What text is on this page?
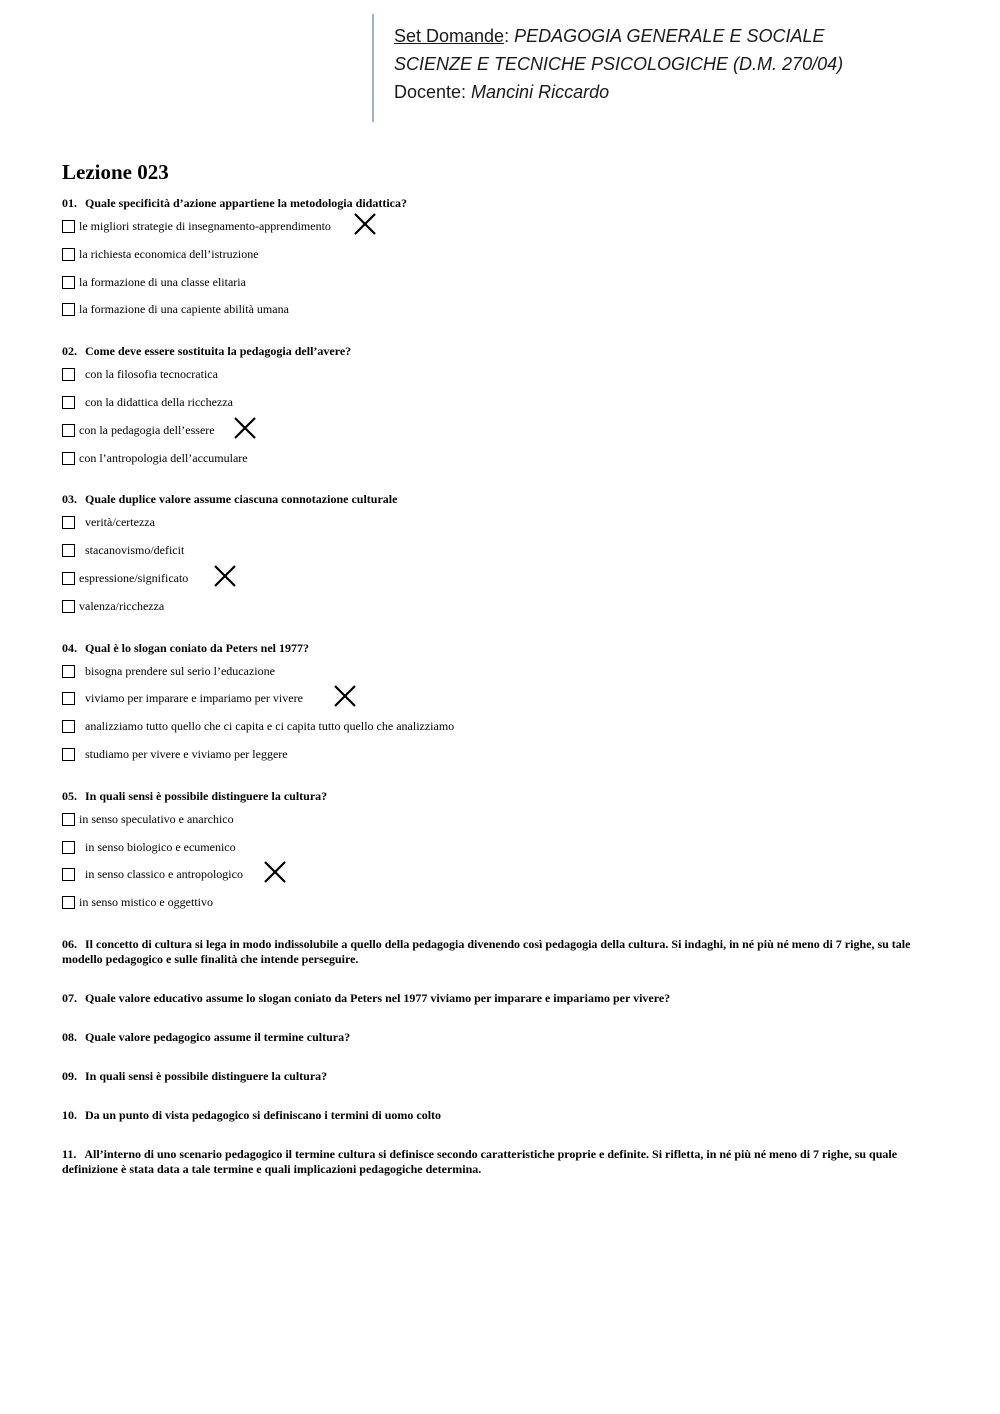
Set Domande: PEDAGOGIA GENERALE E SOCIALE
SCIENZE E TECNICHE PSICOLOGICHE (D.M. 270/04)
Docente: Mancini Riccardo
Lezione 023
01. Quale specificità d’azione appartiene la metodologia didattica?
le migliori strategie di insegnamento-apprendimento
la richiesta economica dell’istruzione
la formazione di una classe elitaria
la formazione di una capiente abilità umana
02. Come deve essere sostituita la pedagogia dell’avere?
con la filosofia tecnocratica
con la didattica della ricchezza
con la pedagogia dell’essere
con l’antropologia dell’accumulare
03. Quale duplice valore assume ciascuna connotazione culturale
verità/certezza
stacanovismo/deficit
espressione/significato
valenza/ricchezza
04. Qual è lo slogan coniato da Peters nel 1977?
bisogna prendere sul serio l’educazione
viviamo per imparare e impariamo per vivere
analizziamo tutto quello che ci capita e ci capita tutto quello che analizziamo
studiamo per vivere e viviamo per leggere
05. In quali sensi è possibile distinguere la cultura?
in senso speculativo e anarchico
in senso biologico e ecumenico
in senso classico e antropologico
in senso mistico e oggettivo
06. Il concetto di cultura si lega in modo indissolubile a quello della pedagogia divenendo così pedagogia della cultura. Si indaghi, in né più né meno di 7 righe, su tale modello pedagogico e sulle finalità che intende perseguire.
07. Quale valore educativo assume lo slogan coniato da Peters nel 1977 viviamo per imparare e impariamo per vivere?
08. Quale valore pedagogico assume il termine cultura?
09. In quali sensi è possibile distinguere la cultura?
10. Da un punto di vista pedagogico si definiscano i termini di uomo colto
11. All’interno di uno scenario pedagogico il termine cultura si definisce secondo caratteristiche proprie e definite. Si rifletta, in né più né meno di 7 righe, su quale definizione è stata data a tale termine e quali implicazioni pedagogiche determina.
